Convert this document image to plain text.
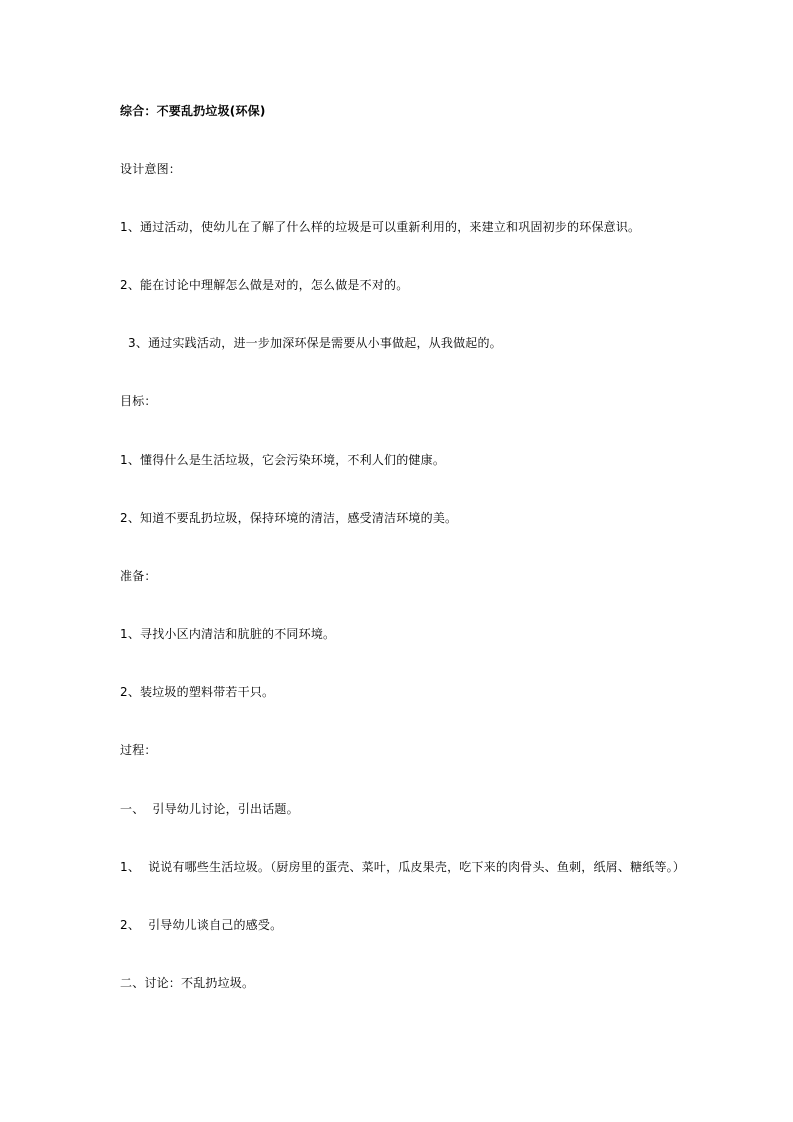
综合：不要乱扔垃圾(环保)
设计意图：
1、通过活动，使幼儿在了解了什么样的垃圾是可以重新利用的，来建立和巩固初步的环保意识。
2、能在讨论中理解怎么做是对的，怎么做是不对的。
3、通过实践活动，进一步加深环保是需要从小事做起，从我做起的。
目标：
1、懂得什么是生活垃圾，它会污染环境，不利人们的健康。
2、知道不要乱扔垃圾，保持环境的清洁，感受清洁环境的美。
准备：
1、寻找小区内清洁和肮脏的不同环境。
2、装垃圾的塑料带若干只。
过程：
一、  引导幼儿讨论，引出话题。
1、  说说有哪些生活垃圾。（厨房里的蛋壳、菜叶，瓜皮果壳，吃下来的肉骨头、鱼刺，纸屑、糖纸等。）
2、  引导幼儿谈自己的感受。
二、讨论：不乱扔垃圾。
